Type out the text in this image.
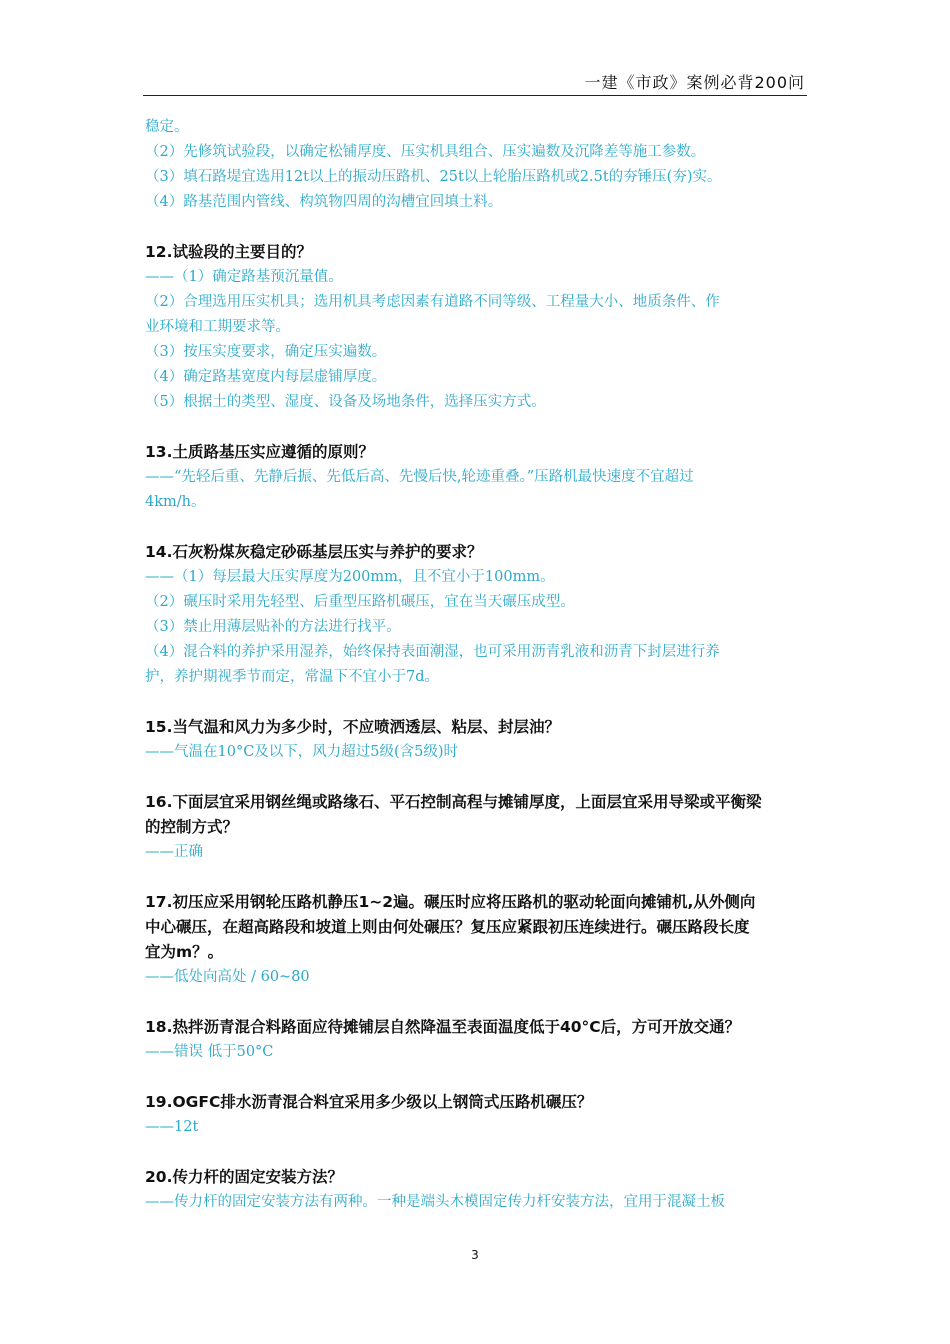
一建《市政》案例必背200问

稳定。

（2）先修筑试验段，以确定松铺厚度、压实机具组合、压实遍数及沉降差等施工参数。

（3）填石路堤宜选用12t以上的振动压路机、25t以上轮胎压路机或2.5t的夯锤压(夯)实。

（4）路基范围内管线、构筑物四周的沟槽宜回填土料。

12.试验段的主要目的？

——（1）确定路基预沉量值。

（2）合理选用压实机具；选用机具考虑因素有道路不同等级、工程量大小、地质条件、作

业环境和工期要求等。

（3）按压实度要求，确定压实遍数。

（4）确定路基宽度内每层虚铺厚度。

（5）根据土的类型、湿度、设备及场地条件，选择压实方式。

13.土质路基压实应遵循的原则？

——“先轻后重、先静后振、先低后高、先慢后快,轮迹重叠。”压路机最快速度不宜超过

4km/h。

14.石灰粉煤灰稳定砂砾基层压实与养护的要求？

——（1）每层最大压实厚度为200mm，且不宜小于100mm。

（2）碾压时采用先轻型、后重型压路机碾压，宜在当天碾压成型。

（3）禁止用薄层贴补的方法进行找平。

（4）混合料的养护采用湿养，始终保持表面潮湿，也可采用沥青乳液和沥青下封层进行养

护，养护期视季节而定，常温下不宜小于7d。

15.当气温和风力为多少时，不应喷洒透层、粘层、封层油？

——气温在10°C及以下，风力超过5级(含5级)时

16.下面层宜采用钢丝绳或路缘石、平石控制高程与摊铺厚度，上面层宜采用导梁或平衡梁

的控制方式？

——正确

17.初压应采用钢轮压路机静压1~2遍。碾压时应将压路机的驱动轮面向摊铺机,从外侧向

中心碾压，在超高路段和坡道上则由何处碾压？复压应紧跟初压连续进行。碾压路段长度

宜为m？。

——低处向高处 / 60~80

18.热拌沥青混合料路面应待摊铺层自然降温至表面温度低于40°C后，方可开放交通？

——错误 低于50°C

19.OGFC排水沥青混合料宜采用多少级以上钢筒式压路机碾压？

——12t

20.传力杆的固定安装方法？

——传力杆的固定安装方法有两种。一种是端头木模固定传力杆安装方法，宜用于混凝土板

3
